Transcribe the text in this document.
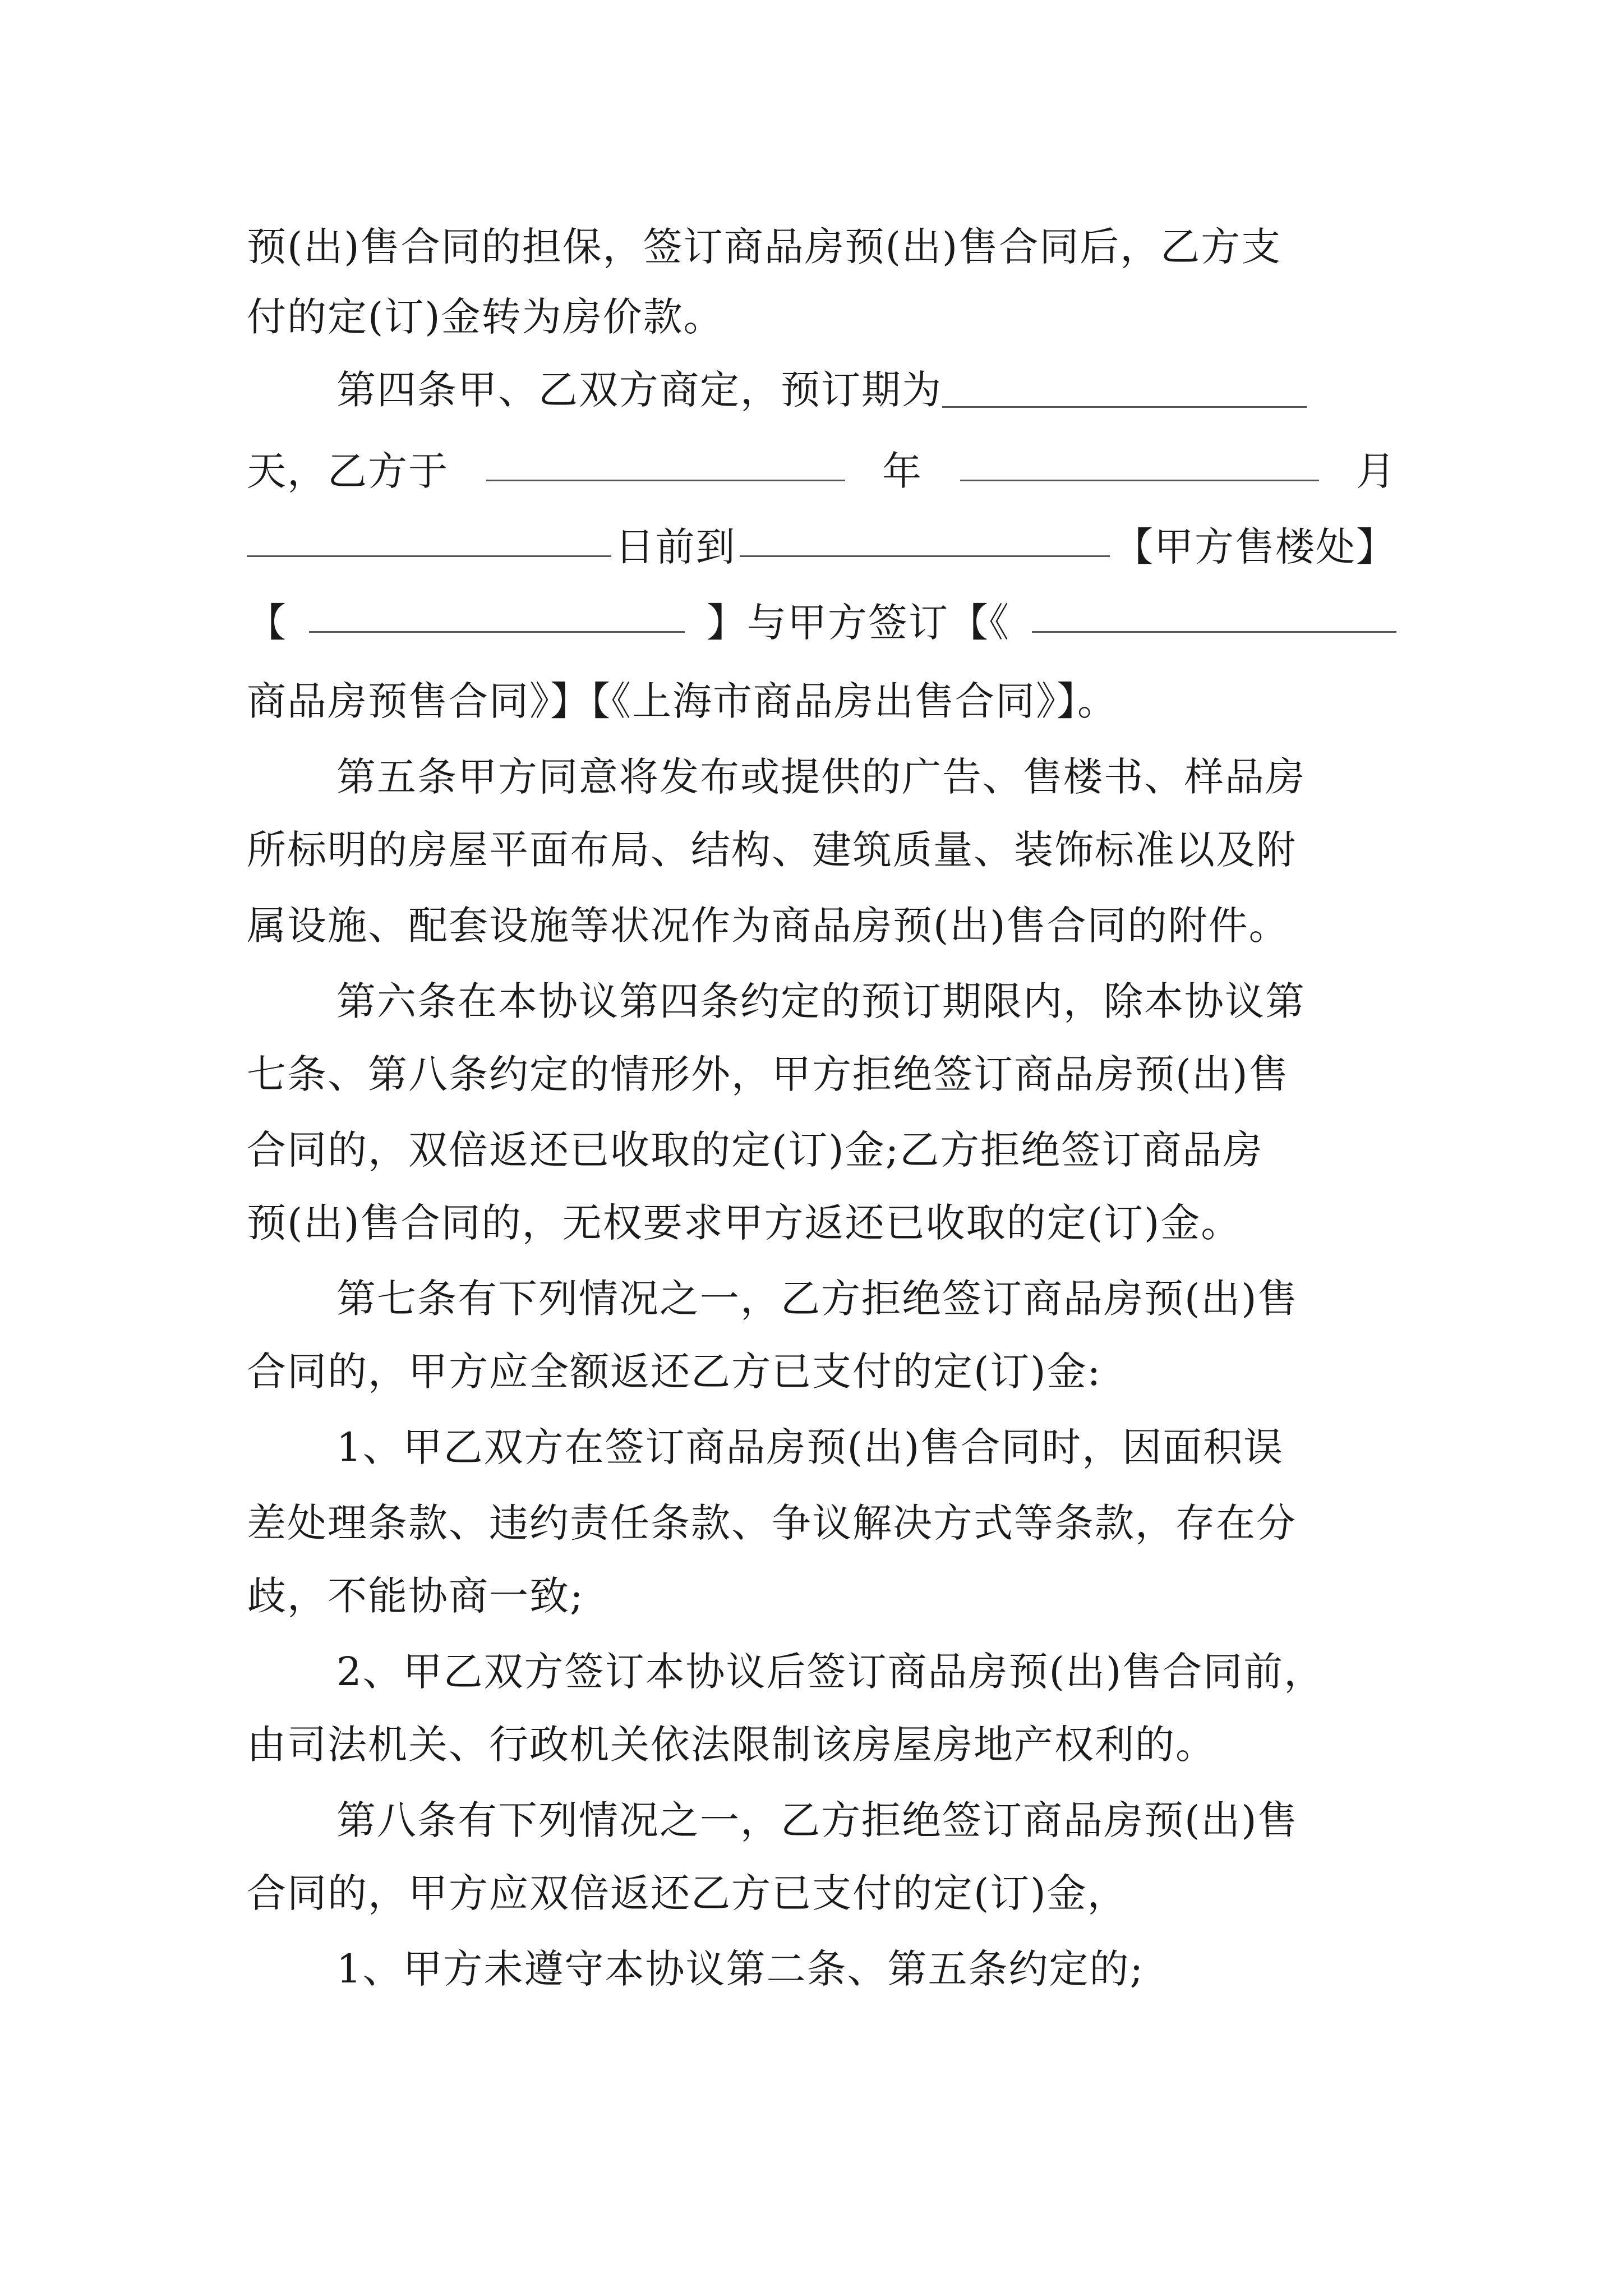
预(出)售合同的担保，签订商品房预(出)售合同后，乙方支
付的定(订)金转为房价款。
第四条甲、乙双方商定，预订期为
天，乙方于	年	月
日前到	【甲方售楼处】
【	】与甲方签订【《
商品房预售合同》】【《上海市商品房出售合同》】。
第五条甲方同意将发布或提供的广告、售楼书、样品房
所标明的房屋平面布局、结构、建筑质量、装饰标准以及附
属设施、配套设施等状况作为商品房预(出)售合同的附件。
第六条在本协议第四条约定的预订期限内，除本协议第
七条、第八条约定的情形外，甲方拒绝签订商品房预(出)售
合同的，双倍返还已收取的定(订)金;乙方拒绝签订商品房
预(出)售合同的，无权要求甲方返还已收取的定(订)金。
第七条有下列情况之一，乙方拒绝签订商品房预(出)售
合同的，甲方应全额返还乙方已支付的定(订)金:
1、甲乙双方在签订商品房预(出)售合同时，因面积误
差处理条款、违约责任条款、争议解决方式等条款，存在分
歧，不能协商一致;
2、甲乙双方签订本协议后签订商品房预(出)售合同前，
由司法机关、行政机关依法限制该房屋房地产权利的。
第八条有下列情况之一，乙方拒绝签订商品房预(出)售
合同的，甲方应双倍返还乙方已支付的定(订)金，
1、甲方未遵守本协议第二条、第五条约定的;
